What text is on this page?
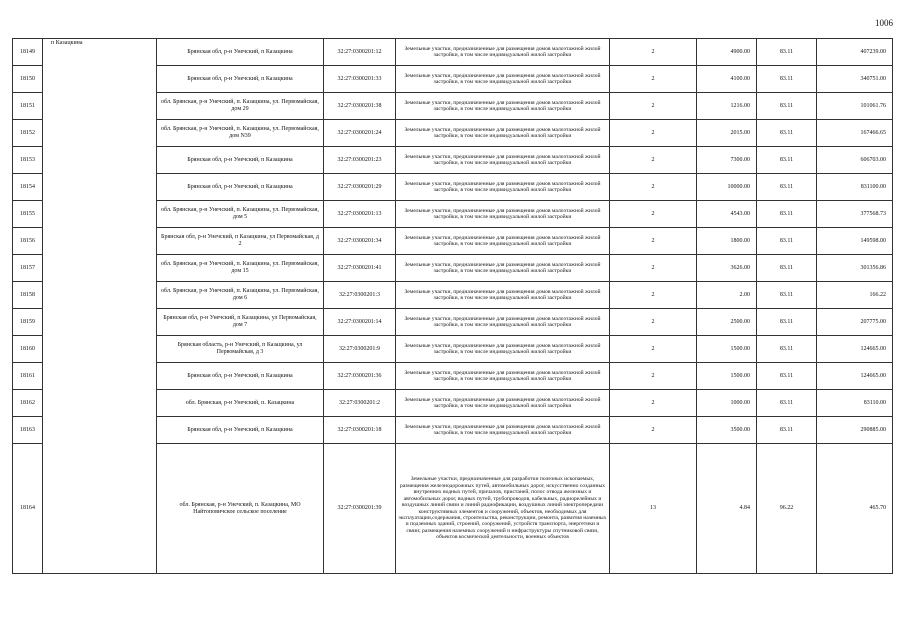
1006
18149	п Казацкина	Брянская обл, р-н Унечский, п Казацкина	32:27:0300201:12	Земельные участки, предназначенные для размещения домов малоэтажной жилой застройки, в том числе индивидуальной жилой застройки	2	4900.00	83.11	407239.00
18150		Брянская обл, р-н Унечский, п Казацкина	32:27:0300201:33	Земельные участки, предназначенные для размещения домов малоэтажной жилой застройки, в том числе индивидуальной жилой застройки	2	4100.00	83.11	340751.00
18151		обл. Брянская, р-н Унечский, п. Казацкина, ул. Первомайская, дом 29	32:27:0300201:38	Земельные участки, предназначенные для размещения домов малоэтажной жилой застройки, в том числе индивидуальной жилой застройки	2	1216.00	83.11	101061.76
18152		обл. Брянская, р-н Унечский, п. Казацкина, ул. Первомайская, дом N39	32:27:0300201:24	Земельные участки, предназначенные для размещения домов малоэтажной жилой застройки, в том числе индивидуальной жилой застройки	2	2015.00	83.11	167466.65
18153		Брянская обл, р-н Унечский, п Казацкина	32:27:0300201:23	Земельные участки, предназначенные для размещения домов малоэтажной жилой застройки, в том числе индивидуальной жилой застройки	2	7300.00	83.11	606703.00
18154		Брянская обл, р-н Унечский, п Казацкина	32:27:0300201:29	Земельные участки, предназначенные для размещения домов малоэтажной жилой застройки, в том числе индивидуальной жилой застройки	2	10000.00	83.11	831100.00
18155		обл. Брянская, р-н Унечский, п. Казацкина, ул. Первомайская, дом 5	32:27:0300201:13	Земельные участки, предназначенные для размещения домов малоэтажной жилой застройки, в том числе индивидуальной жилой застройки	2	4543.00	83.11	377568.73
18156		Брянская обл, р-н Унечский, п Казацкина, ул Первомайская, д 2	32:27:0300201:34	Земельные участки, предназначенные для размещения домов малоэтажной жилой застройки, в том числе индивидуальной жилой застройки	2	1800.00	83.11	149598.00
18157		обл. Брянская, р-н Унечский, п. Казацкина, ул. Первомайская, дом 15	32:27:0300201:41	Земельные участки, предназначенные для размещения домов малоэтажной жилой застройки, в том числе индивидуальной жилой застройки	2	3626.00	83.11	301356.86
18158		обл. Брянская, р-н Унечский, п. Казацкина, ул. Первомайская, дом 6	32:27:0300201:3	Земельные участки, предназначенные для размещения домов малоэтажной жилой застройки, в том числе индивидуальной жилой застройки	2	2.00	83.11	166.22
18159		Брянская обл, р-н Унечский, п Казацкина, ул Первомайская, дом 7	32:27:0300201:14	Земельные участки, предназначенные для размещения домов малоэтажной жилой застройки, в том числе индивидуальной жилой застройки	2	2500.00	83.11	207775.00
18160		Брянская область, р-н Унечский, п Казацкина, ул Первомайская, д 3	32:27:0300201:9	Земельные участки, предназначенные для размещения домов малоэтажной жилой застройки, в том числе индивидуальной жилой застройки	2	1500.00	83.11	124665.00
18161		Брянская обл, р-н Унечский, п Казацкина	32:27:0300201:36	Земельные участки, предназначенные для размещения домов малоэтажной жилой застройки, в том числе индивидуальной жилой застройки	2	1500.00	83.11	124665.00
18162		обл. Брянская, р-н Унечский, п. Казацкина	32:27:0300201:2	Земельные участки, предназначенные для размещения домов малоэтажной жилой застройки, в том числе индивидуальной жилой застройки	2	1000.00	83.11	83110.00
18163		Брянская обл, р-н Унечский, п Казацкина	32:27:0300201:18	Земельные участки, предназначенные для размещения домов малоэтажной жилой застройки, в том числе индивидуальной жилой застройки	2	3500.00	83.11	290885.00
18164		обл. Брянская, р-н Унечский, п. Казацкина, МО Найтоповичское сельское поселение	32:27:0300201:39	Земельные участки, предназначенные для разработки полезных ископаемых, размещения железнодорожных путей, автомобильных дорог, искусственно созданных внутренних водных путей, причалов, пристаней, полос отвода железных и автомобильных дорог, водных путей, трубопроводов, кабельных, радиорелейных и воздушных линий связи и линий радиофикации, воздушных линий электропередачи конструктивных элементов и сооружений, объектов, необходимых для эксплуатации,содержания, строительства, реконструкции, ремонта, развития наземных и подземных зданий, строений, сооружений, устройств транспорта, энергетики и связи; размещения наземных сооружений и инфраструктуры спутниковой связи, объектов космической деятельности, военных объектов	13	4.84	96.22	465.70
